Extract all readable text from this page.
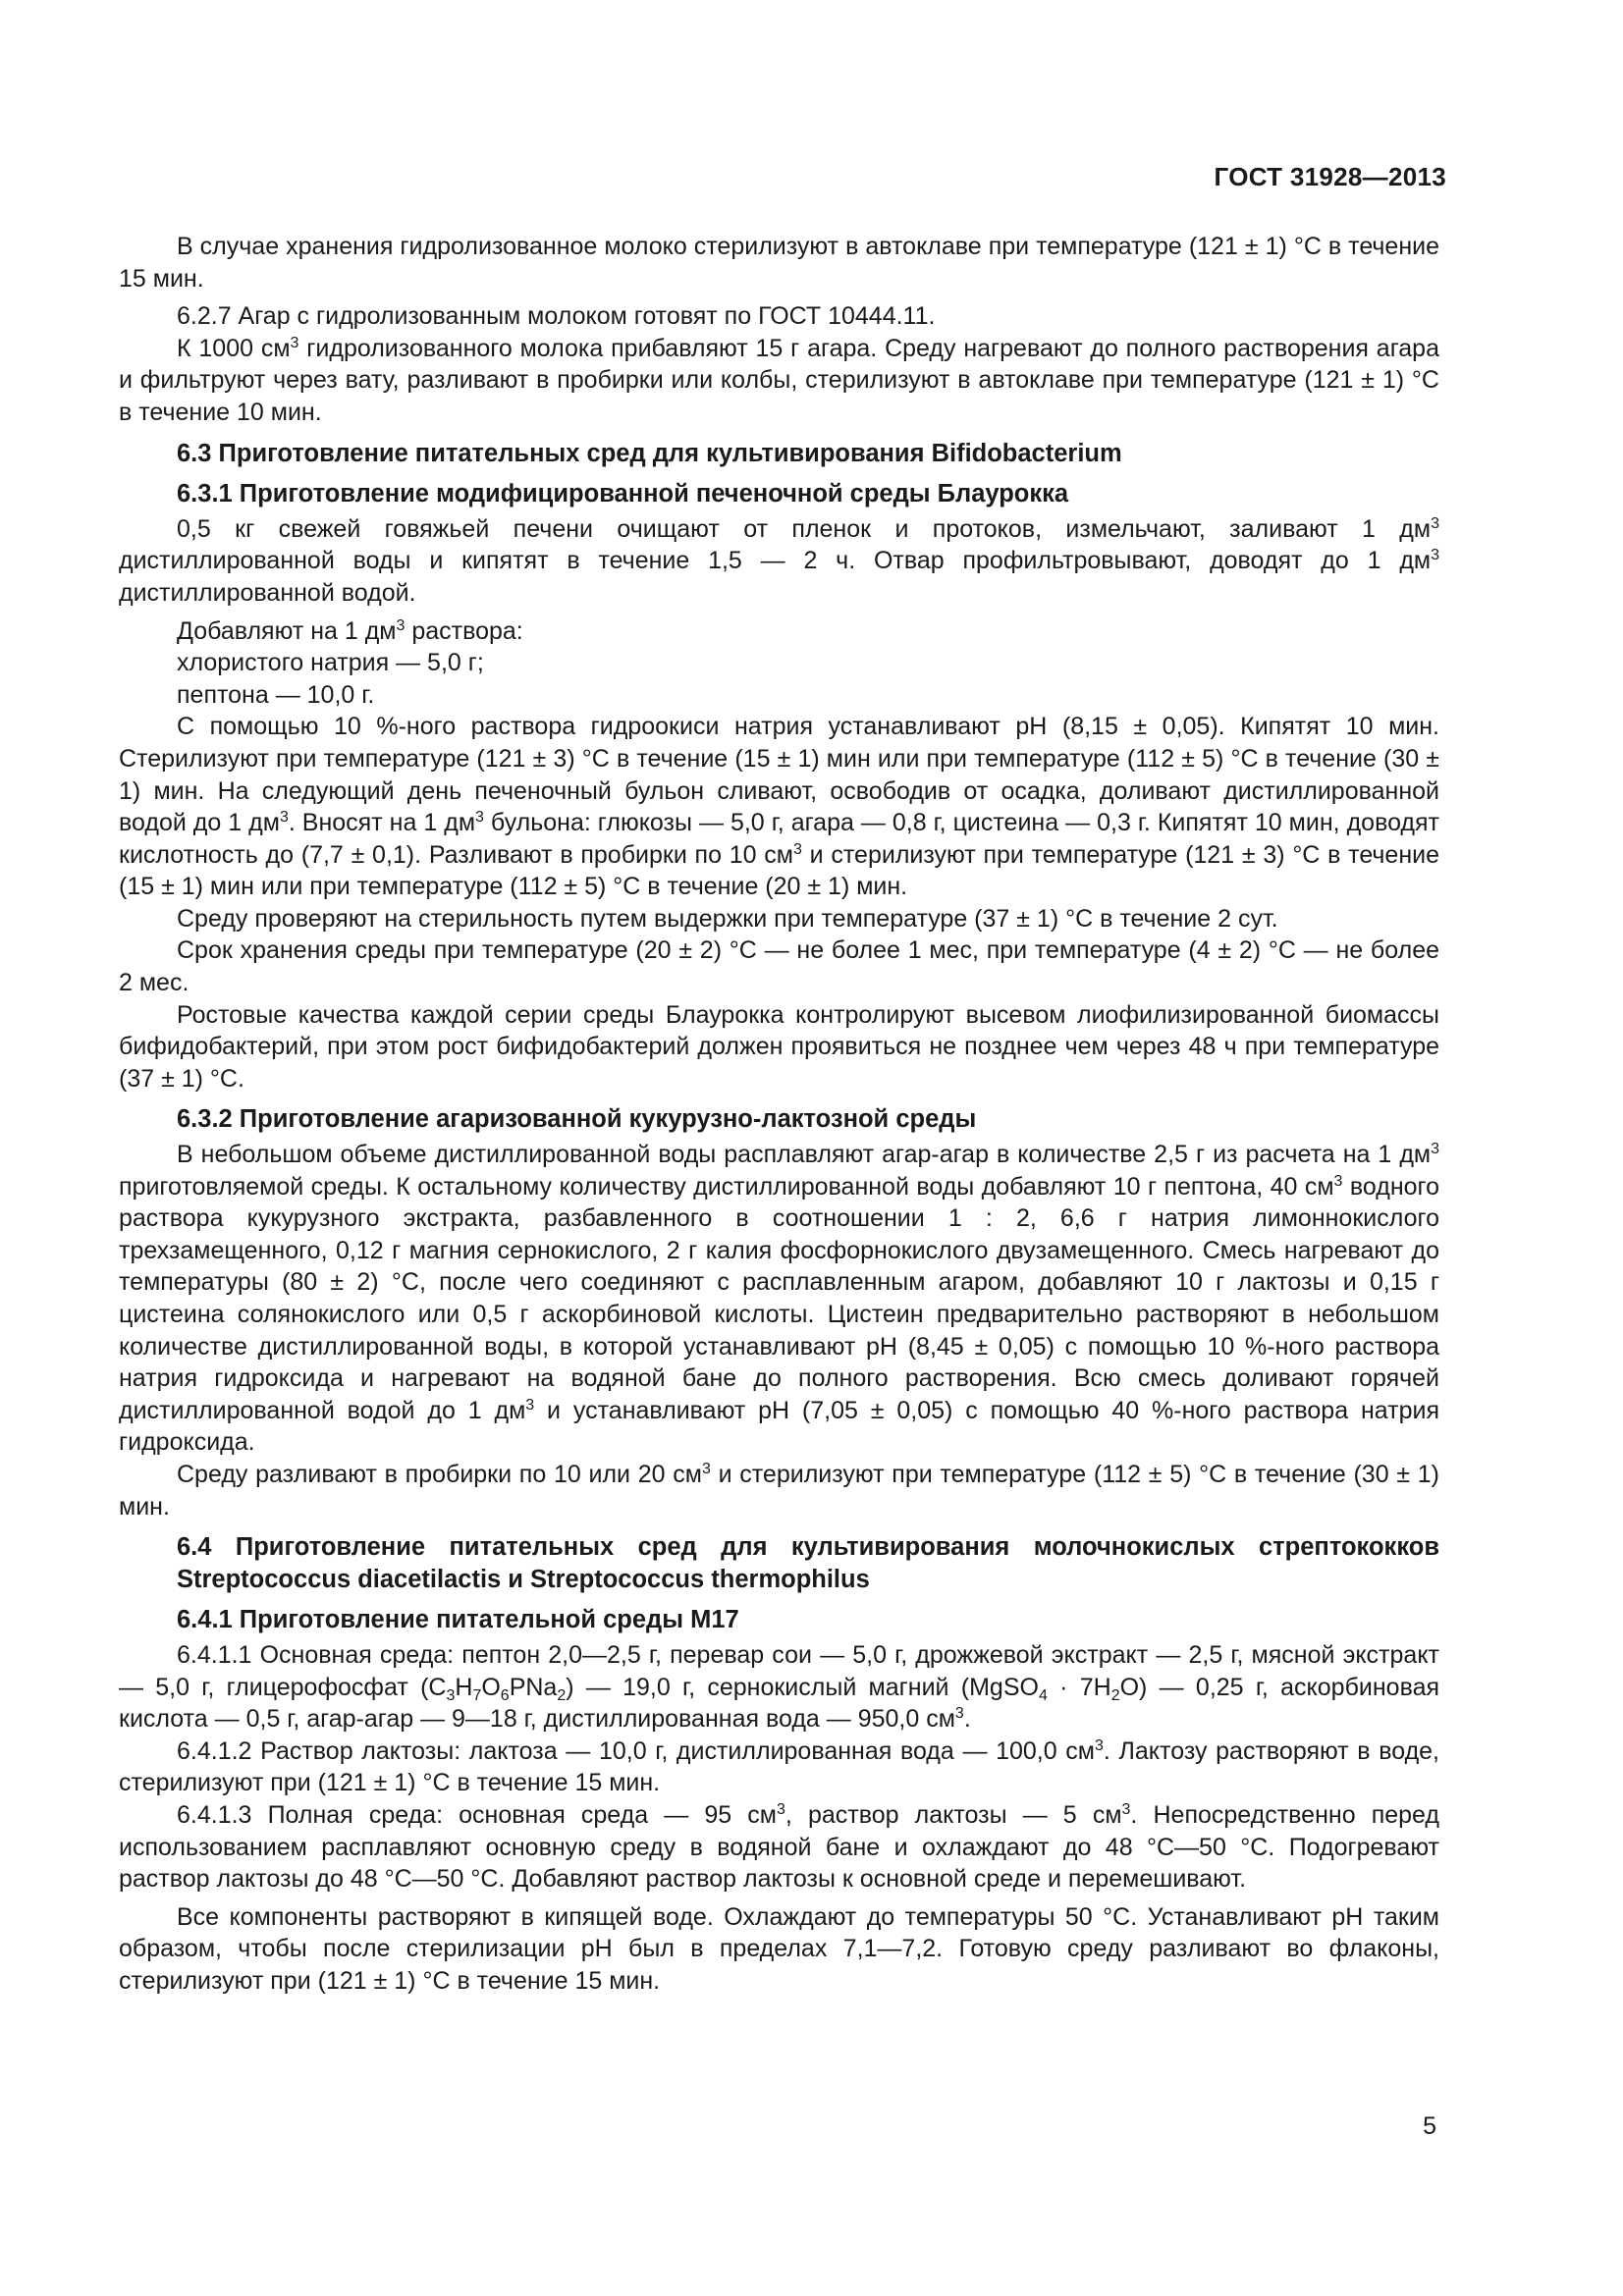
ГОСТ 31928—2013

В случае хранения гидролизованное молоко стерилизуют в автоклаве при температуре (121 ± 1) °С в течение 15 мин.

6.2.7 Агар с гидролизованным молоком готовят по ГОСТ 10444.11.

К 1000 $см^3$ гидролизованного молока прибавляют 15 г агара. Среду нагревают до полного растворения агара и фильтруют через вату, разливают в пробирки или колбы, стерилизуют в автоклаве при температуре (121 ± 1) °С в течение 10 мин.

6.3 Приготовление питательных сред для культивирования Bifidobacterium
6.3.1 Приготовление модифицированной печеночной среды Блаурокка

0,5 кг свежей говяжьей печени очищают от пленок и протоков, измельчают, заливают 1 $дм^3$ дистиллированной воды и кипятят в течение 1,5 — 2 ч. Отвар профильтровывают, доводят до 1 $дм^3$ дистиллированной водой.

Добавляют на 1 $дм^3$ раствора:

хлористого натрия — 5,0 г;

пептона — 10,0 г.

С помощью 10 %-ного раствора гидроокиси натрия устанавливают pH (8,15 ± 0,05). Кипятят 10 мин. Стерилизуют при температуре (121 ± 3) °С в течение (15 ± 1) мин или при температуре (112 ± 5) °С в течение (30 ± 1) мин. На следующий день печеночный бульон сливают, освободив от осадка, доливают дистиллированной водой до 1 $дм^3$. Вносят на 1 $дм^3$ бульона: глюкозы — 5,0 г, агара — 0,8 г, цистеина — 0,3 г. Кипятят 10 мин, доводят кислотность до (7,7 ± 0,1). Разливают в пробирки по 10 $см^3$ и стерилизуют при температуре (121 ± 3) °С в течение (15 ± 1) мин или при температуре (112 ± 5) °С в течение (20 ± 1) мин.

Среду проверяют на стерильность путем выдержки при температуре (37 ± 1) °С в течение 2 сут.

Срок хранения среды при температуре (20 ± 2) °С — не более 1 мес, при температуре (4 ± 2) °С — не более 2 мес.

Ростовые качества каждой серии среды Блаурокка контролируют высевом лиофилизированной биомассы бифидобактерий, при этом рост бифидобактерий должен проявиться не позднее чем через 48 ч при температуре (37 ± 1) °С.

6.3.2 Приготовление агаризованной кукурузно-лактозной среды

В небольшом объеме дистиллированной воды расплавляют агар-агар в количестве 2,5 г из расчета на 1 $дм^3$ приготовляемой среды. К остальному количеству дистиллированной воды добавляют 10 г пептона, 40 $см^3$ водного раствора кукурузного экстракта, разбавленного в соотношении 1 : 2, 6,6 г натрия лимоннокислого трехзамещенного, 0,12 г магния сернокислого, 2 г калия фосфорнокислого двузамещенного. Смесь нагревают до температуры (80 ± 2) °С, после чего соединяют с расплавленным агаром, добавляют 10 г лактозы и 0,15 г цистеина солянокислого или 0,5 г аскорбиновой кислоты. Цистеин предварительно растворяют в небольшом количестве дистиллированной воды, в которой устанавливают pH (8,45 ± 0,05) с помощью 10 %-ного раствора натрия гидроксида и нагревают на водяной бане до полного растворения. Всю смесь доливают горячей дистиллированной водой до 1 $дм^3$ и устанавливают pH (7,05 ± 0,05) с помощью 40 %-ного раствора натрия гидроксида.

Среду разливают в пробирки по 10 или 20 $см^3$ и стерилизуют при температуре (112 ± 5) °С в течение (30 ± 1) мин.

6.4 Приготовление питательных сред для культивирования молочнокислых стрептококков Streptococcus diacetilactis и Streptococcus thermophilus
6.4.1 Приготовление питательной среды M17

6.4.1.1 Основная среда: пептон 2,0—2,5 г, перевар сои — 5,0 г, дрожжевой экстракт — 2,5 г, мясной экстракт — 5,0 г, глицерофосфат $(C_3H_7O_6PNa_2)$ — 19,0 г, сернокислый магний (MgSO$_4$ · $7H_2O$) — 0,25 г, аскорбиновая кислота — 0,5 г, агар-агар — 9—18 г, дистиллированная вода — 950,0 $см^3$.

6.4.1.2 Раствор лактозы: лактоза — 10,0 г, дистиллированная вода — 100,0 $см^3$. Лактозу растворяют в воде, стерилизуют при (121 ± 1) °С в течение 15 мин.

6.4.1.3 Полная среда: основная среда — 95 $см^3$, раствор лактозы — 5 $см^3$. Непосредственно перед использованием расплавляют основную среду в водяной бане и охлаждают до 48 °С—50 °С. Подогревают раствор лактозы до 48 °С—50 °С. Добавляют раствор лактозы к основной среде и перемешивают.

Все компоненты растворяют в кипящей воде. Охлаждают до температуры 50 °С. Устанавливают pH таким образом, чтобы после стерилизации pH был в пределах 7,1—7,2. Готовую среду разливают во флаконы, стерилизуют при (121 ± 1) °С в течение 15 мин.

5
